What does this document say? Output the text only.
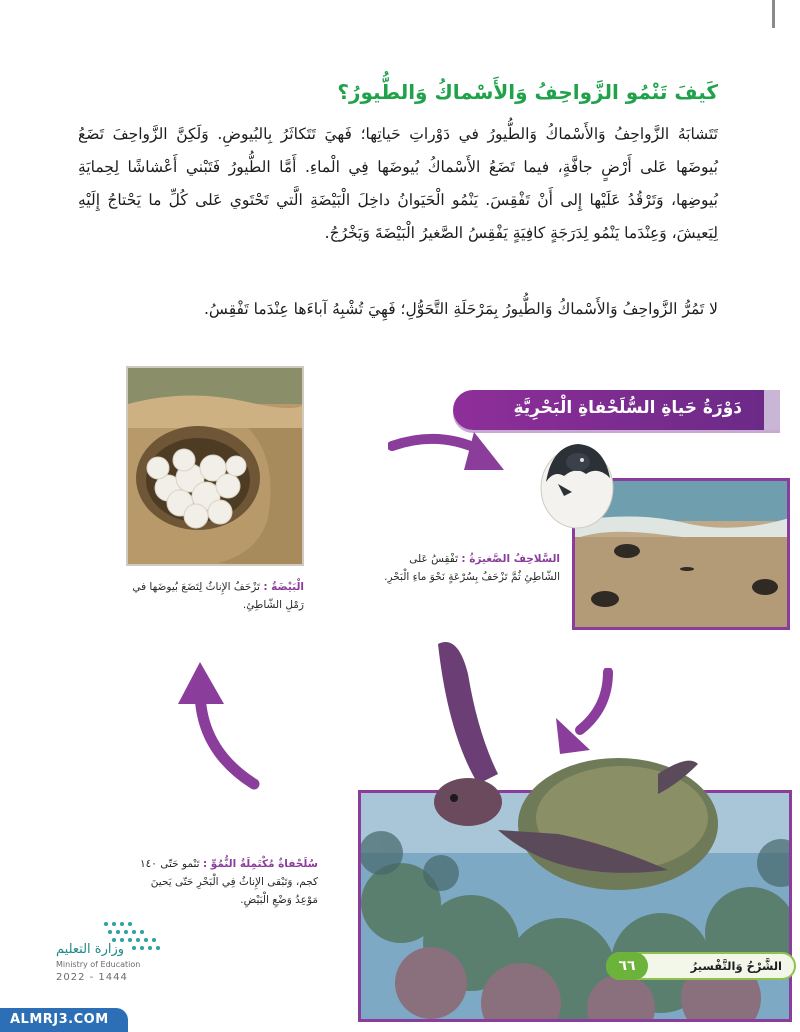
كَيفَ تَنْمُو الزَّواحِفُ وَالأَسْماكُ وَالطُّيورُ؟

تَتَشابَهُ الزَّواحِفُ وَالأَسْماكُ وَالطُّيورُ في دَوْراتِ حَياتِها؛ فَهيَ تَتَكاثَرُ بِالبُيوضِ. وَلَكِنَّ الزَّواحِفَ تَضَعُ بُيوضَها عَلى أَرْضٍ جافَّةٍ، فيما تَضَعُ الأَسْماكُ بُيوضَها فِي الْماءِ. أَمَّا الطُّيورُ فَتَبْني أَعْشاشًا لِحِمايَةِ بُيوضِها، وَتَرْقُدُ عَلَيْها إِلى أَنْ تَفْقِسَ. يَنْمُو الْحَيَوانُ داخِلَ الْبَيْضَةِ الَّتي تَحْتَوي عَلى كُلِّ ما يَحْتاجُ إِلَيْهِ لِيَعيشَ، وَعِنْدَما يَنْمُو لِدَرَجَةٍ كافِيَةٍ يَفْقِسُ الصَّغيرُ الْبَيْضَةَ وَيَخْرُجُ.

لا تَمُرُّ الزَّواحِفُ وَالأَسْماكُ وَالطُّيورُ بِمَرْحَلَةِ التَّحَوُّلِ؛ فَهِيَ تُشْبِهُ آباءَها عِنْدَما تَفْقِسُ.

دَوْرَةُ حَياةِ السُّلَحْفاةِ الْبَحْرِيَّةِ
الْبَيْضَةُ : تَزْحَفُ الإِناثُ لِتَضَعَ بُيوضَها في رَمْلِ الشّاطِئِ.
السَّلاحِفُ الصَّغيرَةُ : تَفْقِسُ عَلى الشّاطِئِ ثُمَّ تَزْحَفُ بِسُرْعَةٍ نَحْوَ ماءِ الْبَحْرِ.
سُلَحْفاةٌ مُكْتَمِلَةُ النُّمُوِّ : تَنْمو حَتّى ١٤٠ كجم، وَتَبْقى الإِناثُ فِي الْبَحْرِ حَتّى يَحينَ مَوْعِدُ وَضْعِ الْبَيْضِ.
وزارة التعليم
Ministry of Education
2022 - 1444
الشَّرْحُ وَالتَّفْسيرُ
٦٦
ALMRJ3.COM
